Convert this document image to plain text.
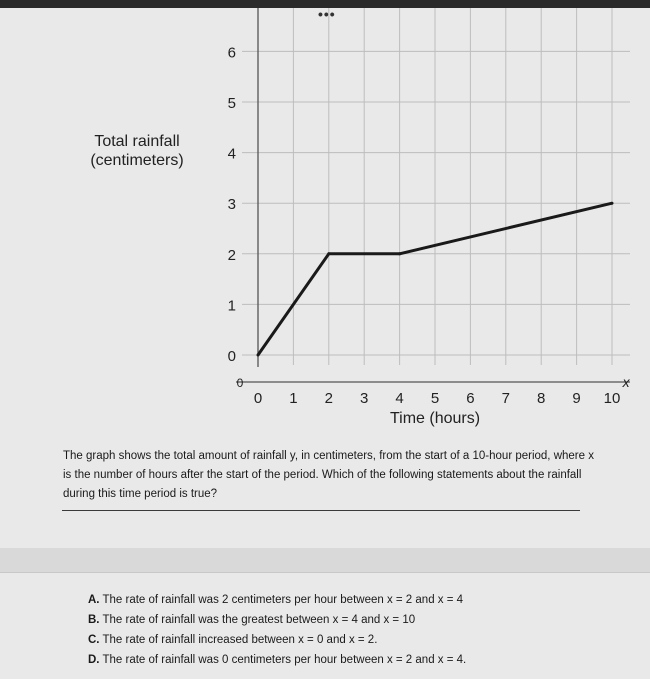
•••
Total rainfall
(centimeters)
0
1
2
3
4
5
6
0 1 2 3 4 5 6 7 8 9 10
0	x
Time (hours)
The graph shows the total amount of rainfall y, in centimeters, from the start of a 10-hour period, where x is the number of hours after the start of the period. Which of the following statements about the rainfall during this time period is true?
A. The rate of rainfall was 2 centimeters per hour between x = 2 and x = 4
B. The rate of rainfall was the greatest between x = 4 and x = 10
C. The rate of rainfall increased between x = 0 and x = 2.
D. The rate of rainfall was 0 centimeters per hour between x = 2 and x = 4.
